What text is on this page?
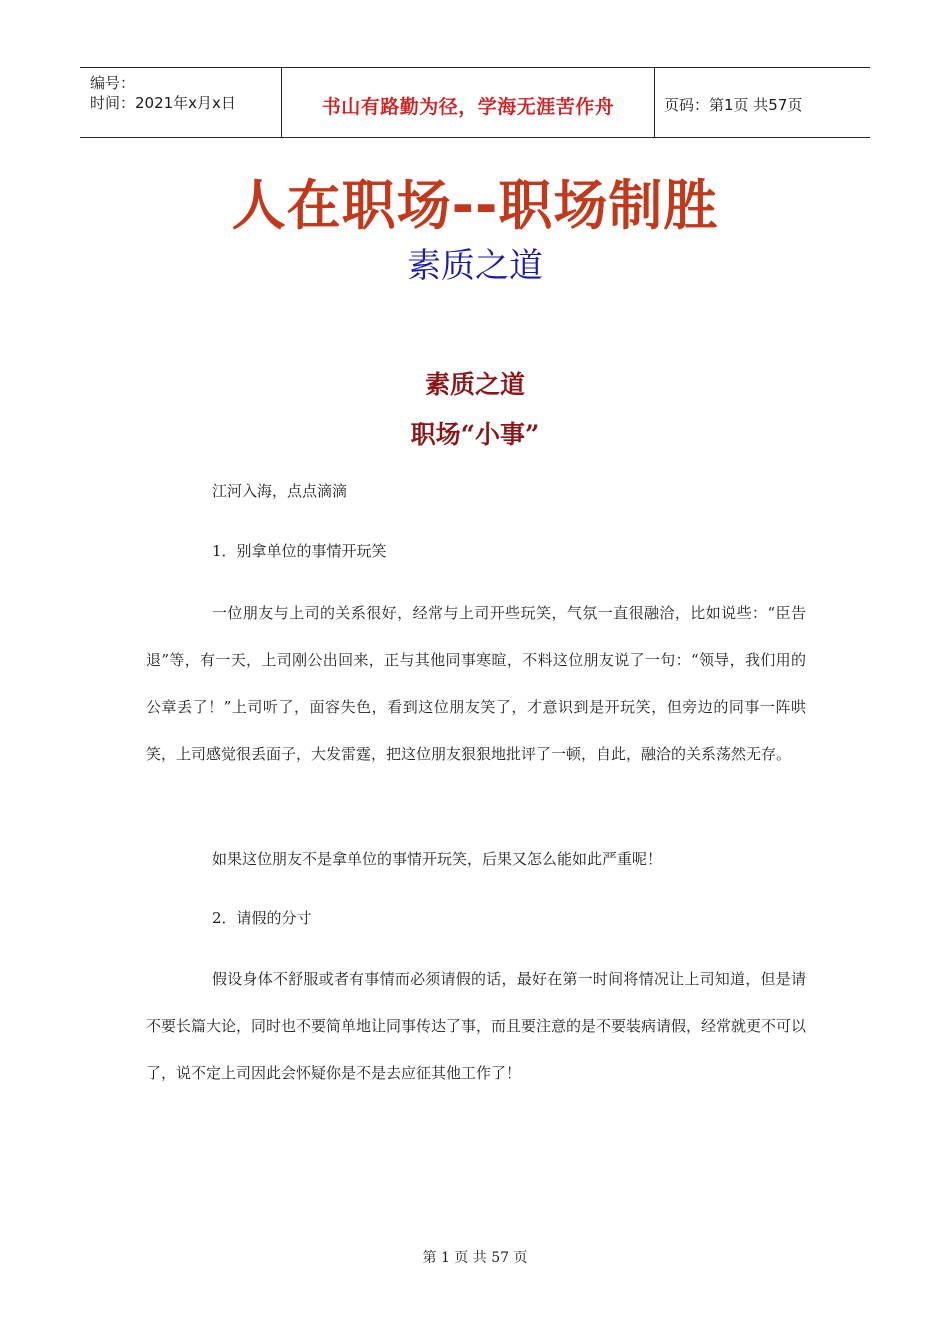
编号：
时间：2021年x月x日	书山有路勤为径，学海无涯苦作舟	页码：第1页 共57页
人在职场--职场制胜
素质之道
素质之道
职场“小事”
江河入海，点点滴滴
1．别拿单位的事情开玩笑
一位朋友与上司的关系很好，经常与上司开些玩笑，气氛一直很融洽，比如说些：“臣告退”等，有一天，上司刚公出回来，正与其他同事寒暄，不料这位朋友说了一句：“领导，我们用的公章丢了！”上司听了，面容失色，看到这位朋友笑了，才意识到是开玩笑，但旁边的同事一阵哄笑，上司感觉很丢面子，大发雷霆，把这位朋友狠狠地批评了一顿，自此，融洽的关系荡然无存。
如果这位朋友不是拿单位的事情开玩笑，后果又怎么能如此严重呢！
2．请假的分寸
假设身体不舒服或者有事情而必须请假的话，最好在第一时间将情况让上司知道，但是请不要长篇大论，同时也不要简单地让同事传达了事，而且要注意的是不要装病请假，经常就更不可以了，说不定上司因此会怀疑你是不是去应征其他工作了！
第 1 页 共 57 页
